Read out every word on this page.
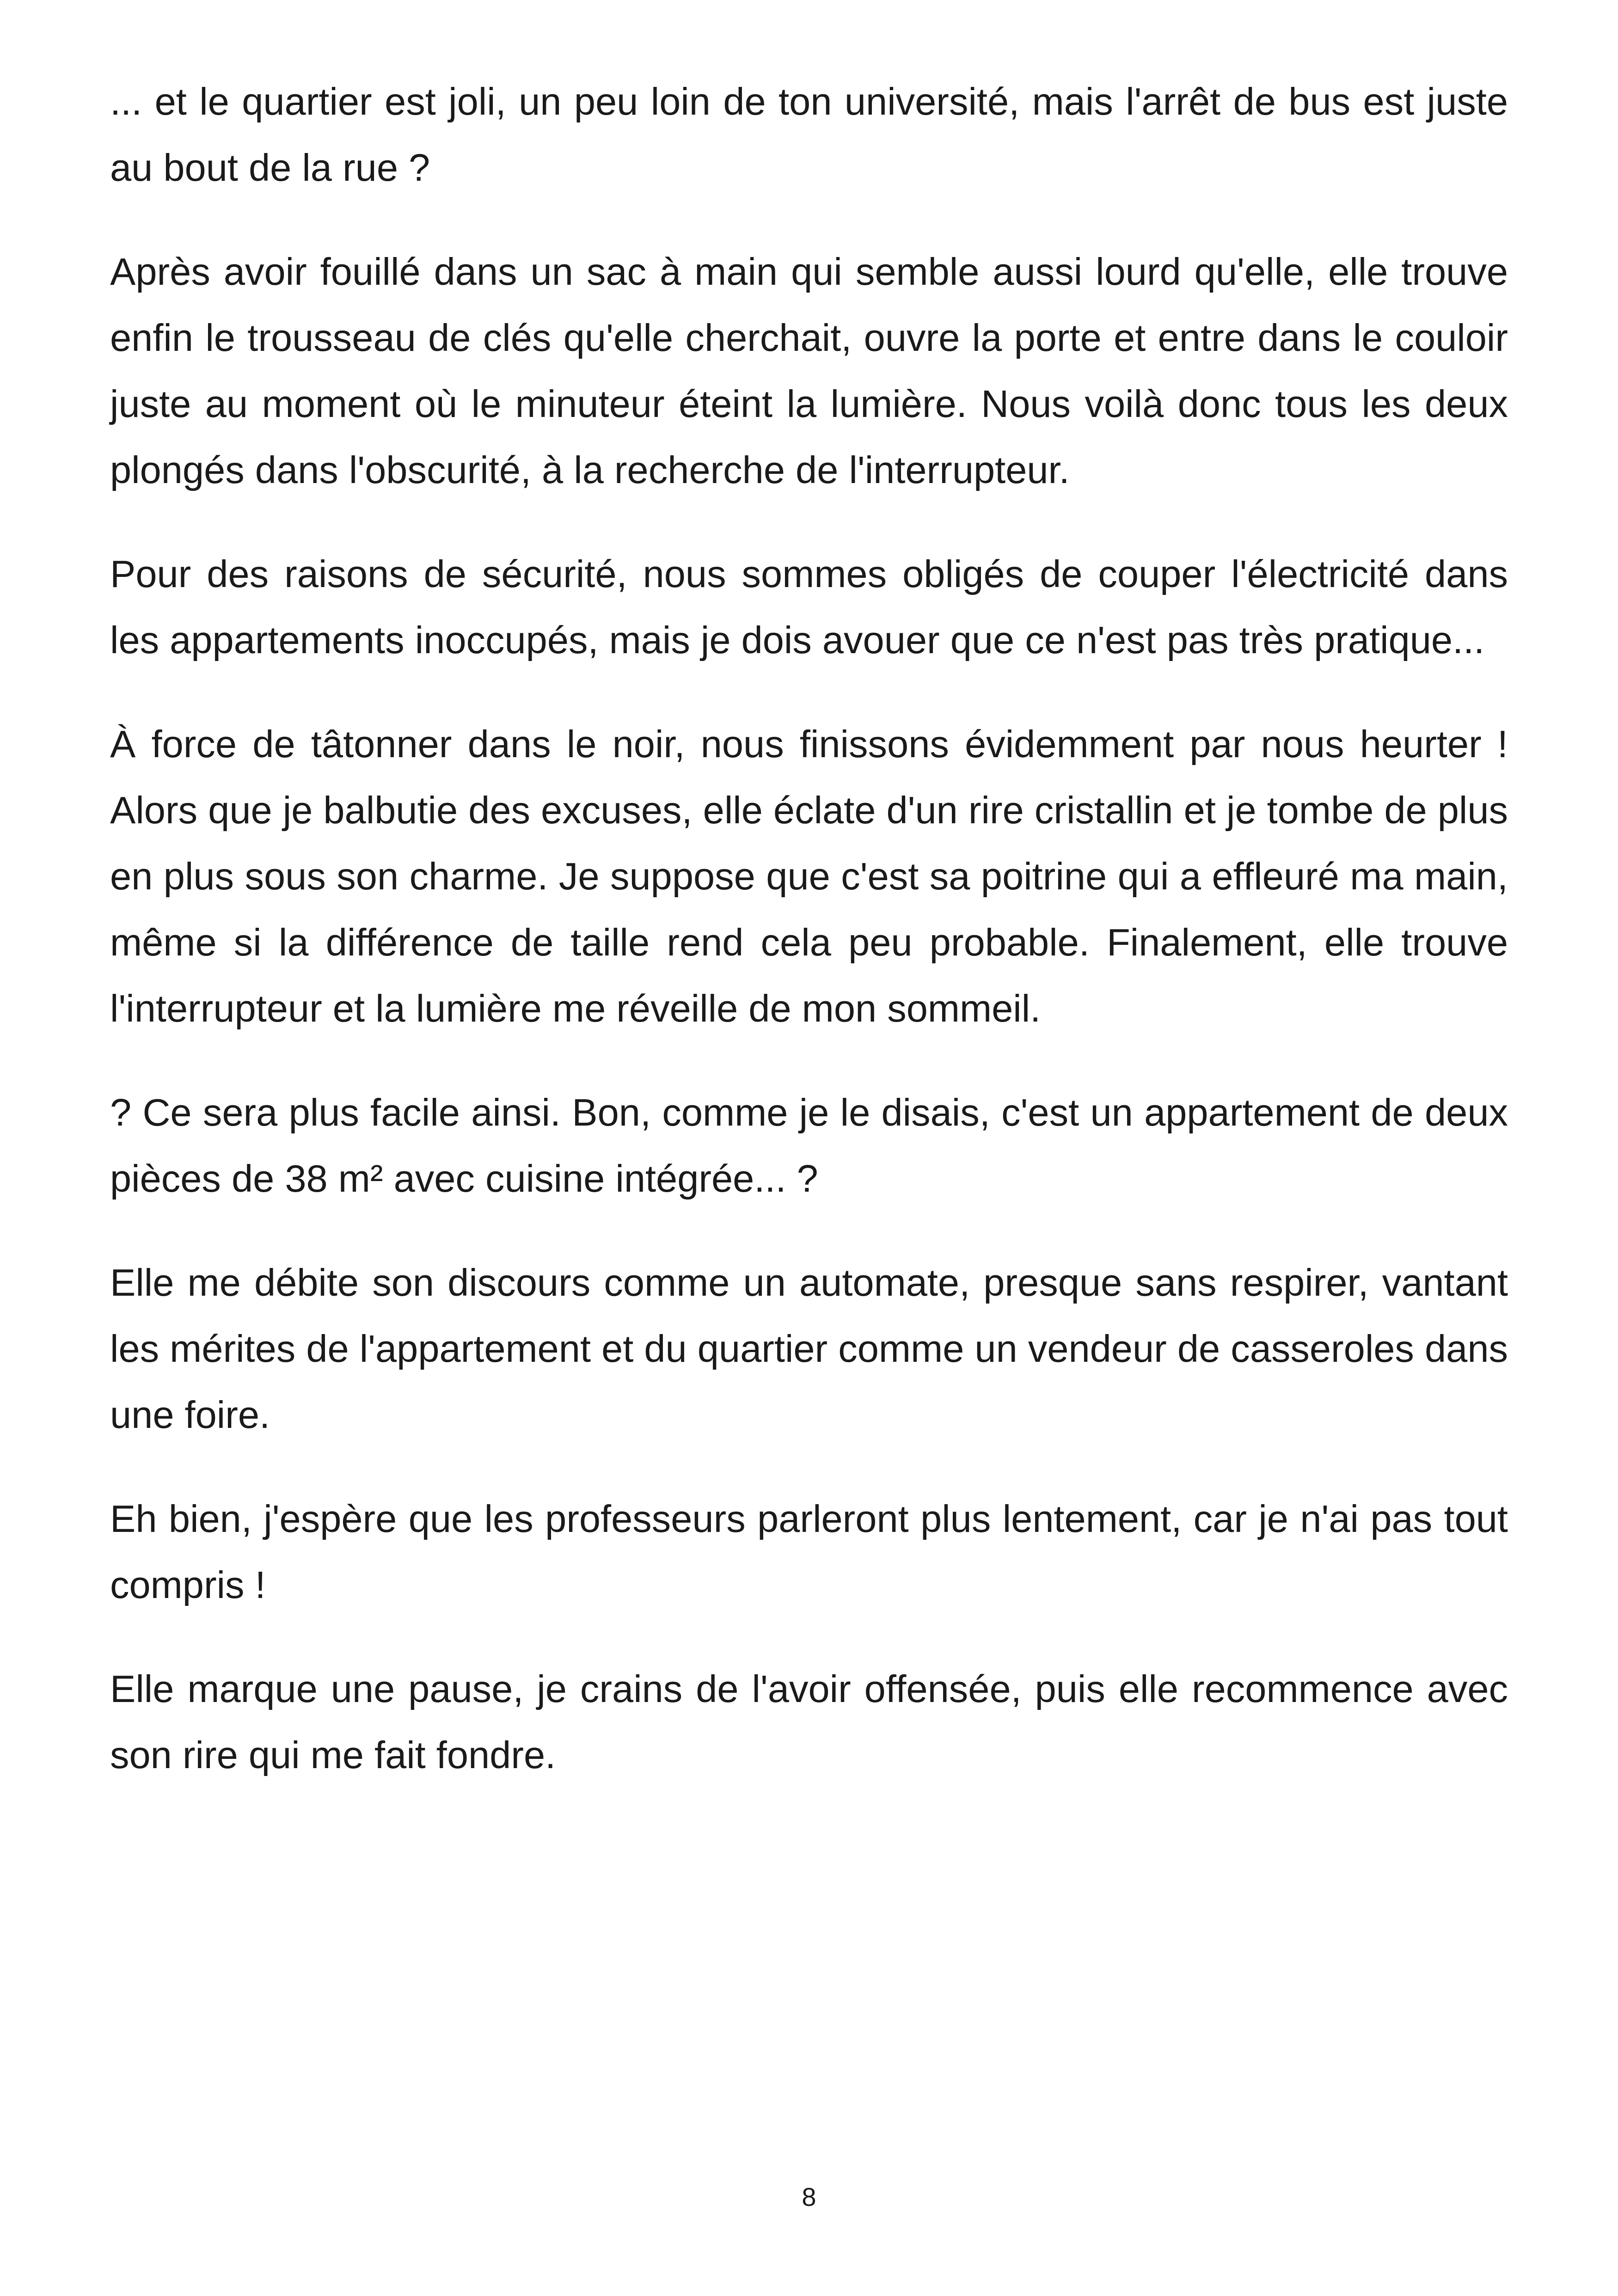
... et le quartier est joli, un peu loin de ton université, mais l'arrêt de bus est juste au bout de la rue ?

Après avoir fouillé dans un sac à main qui semble aussi lourd qu'elle, elle trouve enfin le trousseau de clés qu'elle cherchait, ouvre la porte et entre dans le couloir juste au moment où le minuteur éteint la lumière. Nous voilà donc tous les deux plongés dans l'obscurité, à la recherche de l'interrupteur.

Pour des raisons de sécurité, nous sommes obligés de couper l'électricité dans les appartements inoccupés, mais je dois avouer que ce n'est pas très pratique...

À force de tâtonner dans le noir, nous finissons évidemment par nous heurter ! Alors que je balbutie des excuses, elle éclate d'un rire cristallin et je tombe de plus en plus sous son charme. Je suppose que c'est sa poitrine qui a effleuré ma main, même si la différence de taille rend cela peu probable. Finalement, elle trouve l'interrupteur et la lumière me réveille de mon sommeil.

? Ce sera plus facile ainsi. Bon, comme je le disais, c'est un appartement de deux pièces de 38 m² avec cuisine intégrée... ?

Elle me débite son discours comme un automate, presque sans respirer, vantant les mérites de l'appartement et du quartier comme un vendeur de casseroles dans une foire.

Eh bien, j'espère que les professeurs parleront plus lentement, car je n'ai pas tout compris !

Elle marque une pause, je crains de l'avoir offensée, puis elle recommence avec son rire qui me fait fondre.

8
